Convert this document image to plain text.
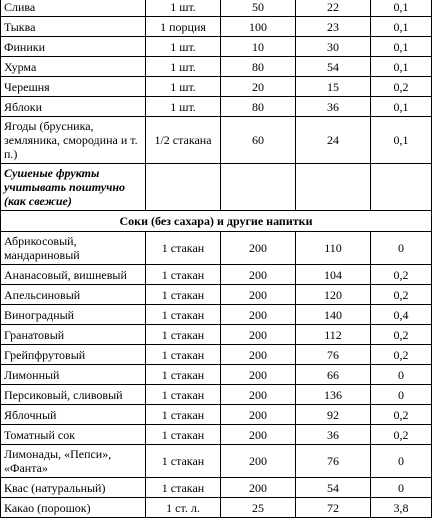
Слива	1 шт.	50	22	0,1
Тыква	1 порция	100	23	0,1
Финики	1 шт.	10	30	0,1
Хурма	1 шт.	80	54	0,1
Черешня	1 шт.	20	15	0,2
Яблоки	1 шт.	80	36	0,1
Ягоды (брусника, земляника, смородина и т. п.)	1/2 стакана	60	24	0,1
Сушеные фрукты учитывать поштучно (как свежие)				
Соки (без сахара) и другие напитки				
Абрикосовый, мандариновый	1 стакан	200	110	0
Ананасовый, вишневый	1 стакан	200	104	0,2
Апельсиновый	1 стакан	200	120	0,2
Виноградный	1 стакан	200	140	0,4
Гранатовый	1 стакан	200	112	0,2
Грейпфрутовый	1 стакан	200	76	0,2
Лимонный	1 стакан	200	66	0
Персиковый, сливовый	1 стакан	200	136	0
Яблочный	1 стакан	200	92	0,2
Томатный сок	1 стакан	200	36	0,2
Лимонады, «Пепси», «Фанта»	1 стакан	200	76	0
Квас (натуральный)	1 стакан	200	54	0
Какао (порошок)	1 ст. л.	25	72	3,8
